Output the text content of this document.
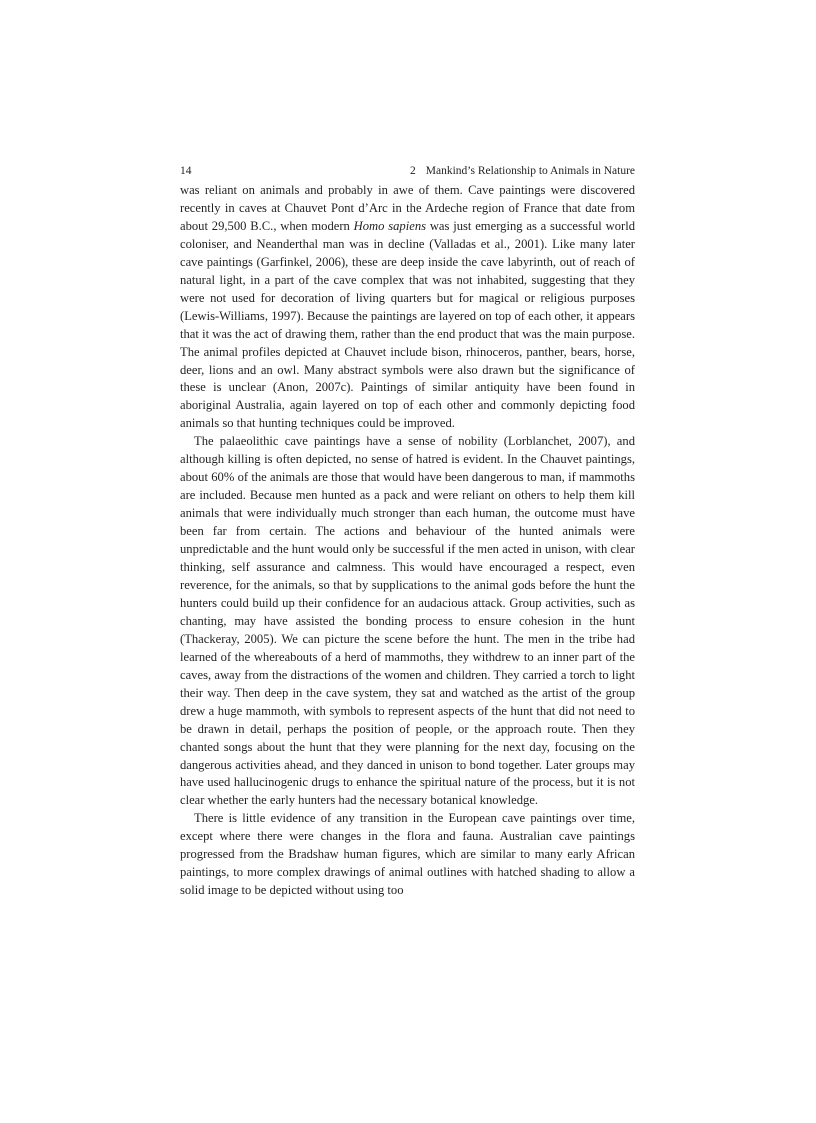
14	2 Mankind’s Relationship to Animals in Nature

was reliant on animals and probably in awe of them. Cave paintings were discovered recently in caves at Chauvet Pont d’Arc in the Ardeche region of France that date from about 29,500 B.C., when modern Homo sapiens was just emerging as a successful world coloniser, and Neanderthal man was in decline (Valladas et al., 2001). Like many later cave paintings (Garfinkel, 2006), these are deep inside the cave labyrinth, out of reach of natural light, in a part of the cave complex that was not inhabited, suggesting that they were not used for decoration of living quarters but for magical or religious purposes (Lewis-Williams, 1997). Because the paintings are layered on top of each other, it appears that it was the act of drawing them, rather than the end product that was the main purpose. The animal profiles depicted at Chauvet include bison, rhinoceros, panther, bears, horse, deer, lions and an owl. Many abstract symbols were also drawn but the significance of these is unclear (Anon, 2007c). Paintings of similar antiquity have been found in aboriginal Australia, again layered on top of each other and commonly depicting food animals so that hunting techniques could be improved.

The palaeolithic cave paintings have a sense of nobility (Lorblanchet, 2007), and although killing is often depicted, no sense of hatred is evident. In the Chauvet paintings, about 60% of the animals are those that would have been dangerous to man, if mammoths are included. Because men hunted as a pack and were reliant on others to help them kill animals that were individually much stronger than each human, the outcome must have been far from certain. The actions and behaviour of the hunted animals were unpredictable and the hunt would only be successful if the men acted in unison, with clear thinking, self assurance and calmness. This would have encouraged a respect, even reverence, for the animals, so that by supplications to the animal gods before the hunt the hunters could build up their confidence for an audacious attack. Group activities, such as chanting, may have assisted the bonding process to ensure cohesion in the hunt (Thackeray, 2005). We can picture the scene before the hunt. The men in the tribe had learned of the whereabouts of a herd of mammoths, they withdrew to an inner part of the caves, away from the distractions of the women and children. They carried a torch to light their way. Then deep in the cave system, they sat and watched as the artist of the group drew a huge mammoth, with symbols to represent aspects of the hunt that did not need to be drawn in detail, perhaps the position of people, or the approach route. Then they chanted songs about the hunt that they were planning for the next day, focusing on the dangerous activities ahead, and they danced in unison to bond together. Later groups may have used hallucinogenic drugs to enhance the spiritual nature of the process, but it is not clear whether the early hunters had the necessary botanical knowledge.

There is little evidence of any transition in the European cave paintings over time, except where there were changes in the flora and fauna. Australian cave paintings progressed from the Bradshaw human figures, which are similar to many early African paintings, to more complex drawings of animal outlines with hatched shading to allow a solid image to be depicted without using too
